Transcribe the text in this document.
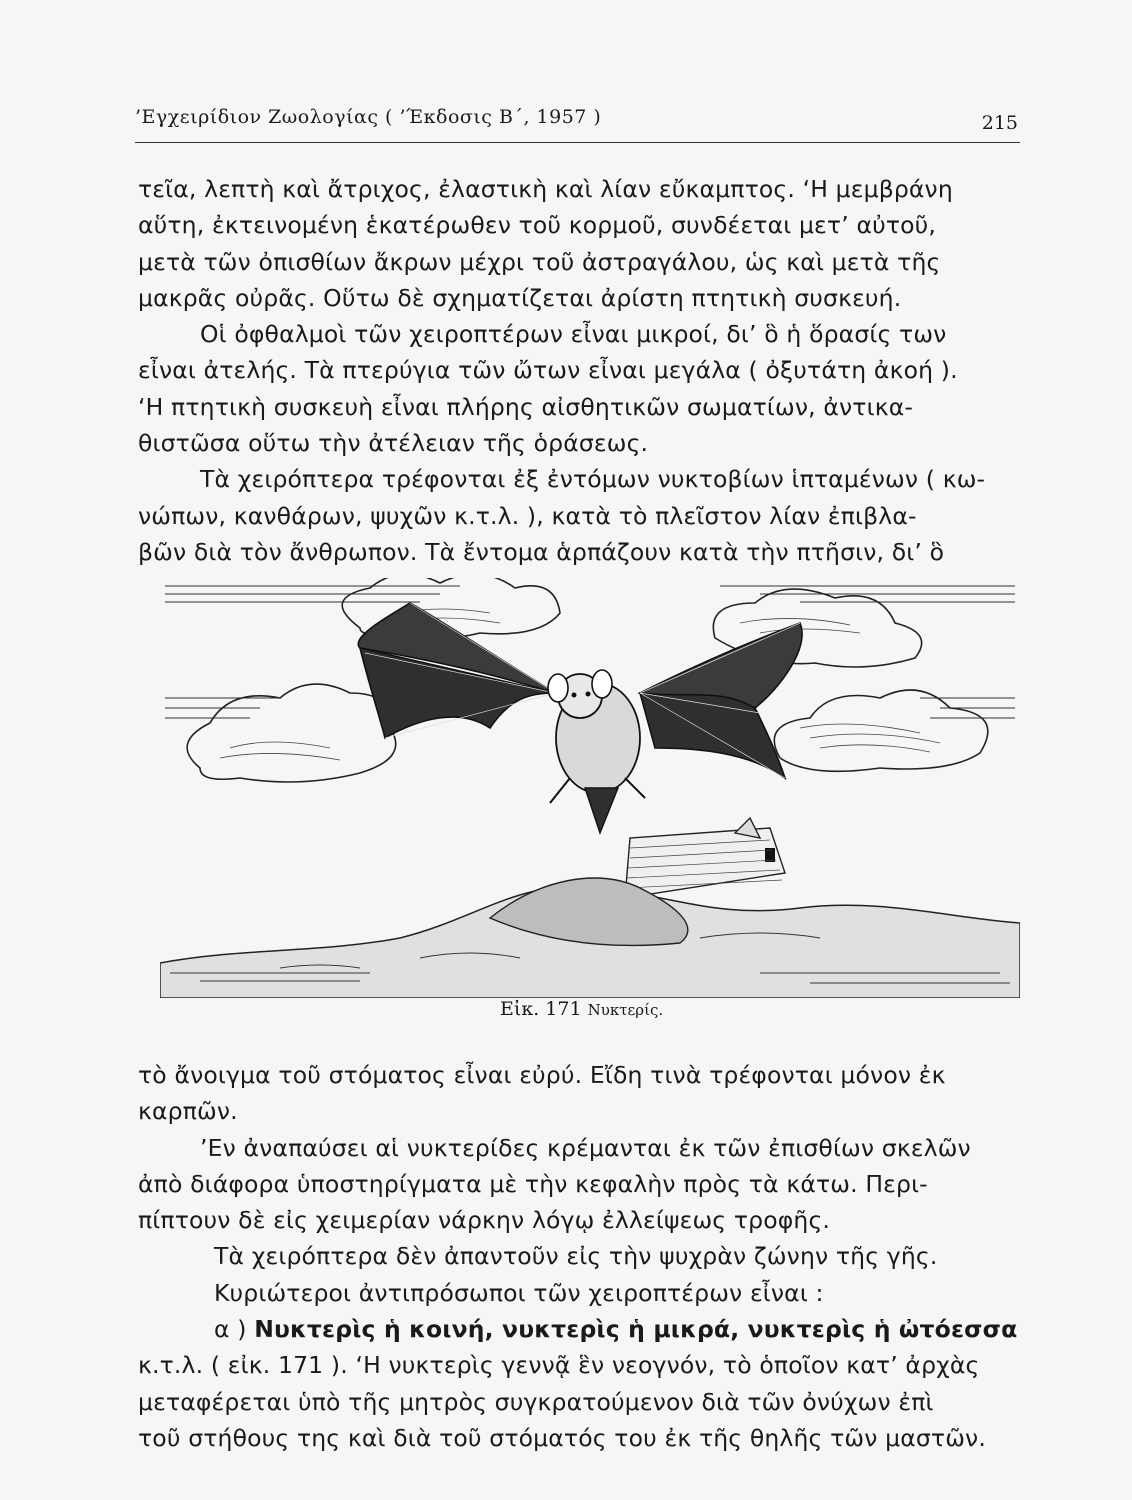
’Εγχειρίδιον Ζωολογίας ( ’Έκδοσις Β΄, 1957 )	215
τεῖα, λεπτὴ καὶ ἄτριχος, ἐλαστικὴ καὶ λίαν εὔκαμπτος. ‘Η μεμβράνη
αὕτη, ἐκτεινομένη ἑκατέρωθεν τοῦ κορμοῦ, συνδέεται μετ’ αὐτοῦ,
μετὰ τῶν ὀπισθίων ἄκρων μέχρι τοῦ ἀστραγάλου, ὡς καὶ μετὰ τῆς
μακρᾶς οὐρᾶς. Οὕτω δὲ σχηματίζεται ἀρίστη πτητικὴ συσκευή.
Οἱ ὀφθαλμοὶ τῶν χειροπτέρων εἶναι μικροί, δι’ ὃ ἡ ὅρασίς των
εἶναι ἀτελής. Τὰ πτερύγια τῶν ὤτων εἶναι μεγάλα ( ὀξυτάτη ἀκοή ).
‘Η πτητικὴ συσκευὴ εἶναι πλήρης αἰσθητικῶν σωματίων, ἀντικα-
θιστῶσα οὕτω τὴν ἀτέλειαν τῆς ὁράσεως.
Τὰ χειρόπτερα τρέφονται ἐξ ἐντόμων νυκτοβίων ἱπταμένων ( κω-
νώπων, κανθάρων, ψυχῶν κ.τ.λ. ), κατὰ τὸ πλεῖστον λίαν ἐπιβλα-
βῶν διὰ τὸν ἄνθρωπον. Τὰ ἔντομα ἁρπάζουν κατὰ τὴν πτῆσιν, δι’ ὃ
Εἰκ. 171 Νυκτερίς.
τὸ ἄνοιγμα τοῦ στόματος εἶναι εὐρύ. Εἴδη τινὰ τρέφονται μόνον ἐκ
καρπῶν.
’Εν ἀναπαύσει αἱ νυκτερίδες κρέμανται ἐκ τῶν ἐπισθίων σκελῶν
ἀπὸ διάφορα ὑποστηρίγματα μὲ τὴν κεφαλὴν πρὸς τὰ κάτω. Περι-
πίπτουν δὲ εἰς χειμερίαν νάρκην λόγῳ ἐλλείψεως τροφῆς.
Τὰ χειρόπτερα δὲν ἀπαντοῦν εἰς τὴν ψυχρὰν ζώνην τῆς γῆς.
Κυριώτεροι ἀντιπρόσωποι τῶν χειροπτέρων εἶναι :
α ) Νυκτερὶς ἡ κοινή, νυκτερὶς ἡ μικρά, νυκτερὶς ἡ ὠτόεσσα
κ.τ.λ. ( εἰκ. 171 ). ‘Η νυκτερὶς γεννᾷ ἓν νεογνόν, τὸ ὁποῖον κατ’ ἀρχὰς
μεταφέρεται ὑπὸ τῆς μητρὸς συγκρατούμενον διὰ τῶν ὀνύχων ἐπὶ
τοῦ στήθους της καὶ διὰ τοῦ στόματός του ἐκ τῆς θηλῆς τῶν μαστῶν.
